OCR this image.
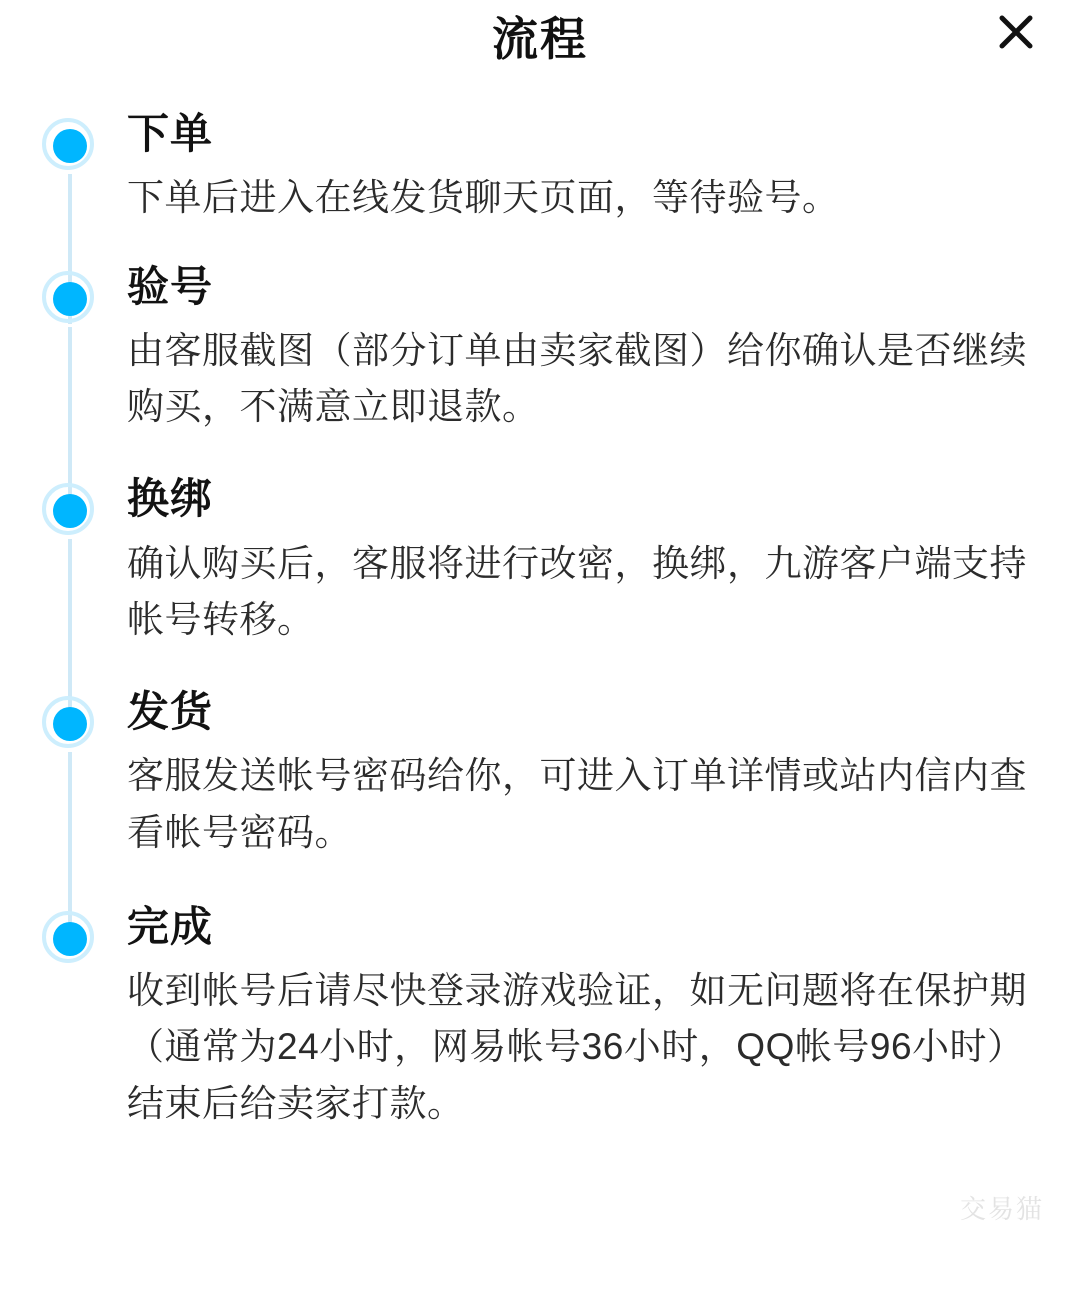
流程
下单
下单后进入在线发货聊天页面，等待验号。
验号
由客服截图（部分订单由卖家截图）给你确认是否继续购买，不满意立即退款。
换绑
确认购买后，客服将进行改密，换绑，九游客户端支持帐号转移。
发货
客服发送帐号密码给你，可进入订单详情或站内信内查看帐号密码。
完成
收到帐号后请尽快登录游戏验证，如无问题将在保护期（通常为24小时，网易帐号36小时，QQ帐号96小时）结束后给卖家打款。
交易猫
